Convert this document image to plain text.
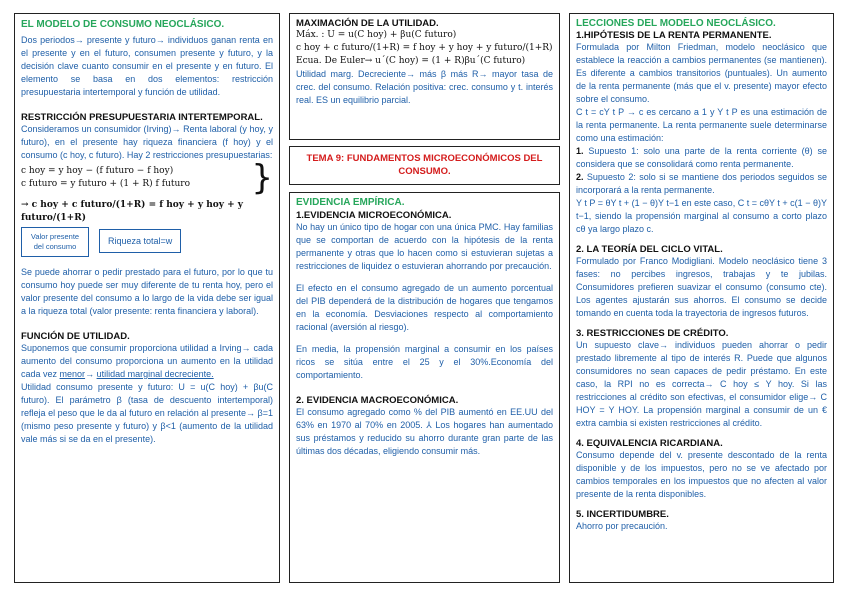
EL MODELO DE CONSUMO NEOCLÁSICO.

Dos periodos→ presente y futuro→ individuos ganan renta en el presente y en el futuro, consumen presente y futuro, y la decisión clave cuanto consumir en el presente y en futuro. El elemento se basa en dos elementos: restricción presupuestaria intertemporal y función de utilidad.

RESTRICCIÓN PRESUPUESTARIA INTERTEMPORAL.

Consideramos un consumidor (Irving)→ Renta laboral (y hoy, y futuro), en el presente hay riqueza financiera (f hoy) y el consumo (c hoy, c futuro). Hay 2 restricciones presupuestarias:

c hoy = y hoy − (f futuro − f hoy)
c futuro = y futuro + (1 + R) f futuro	}
→ c hoy + c futuro/(1+R) = f hoy + y hoy + y futuro/(1+R)
Valor presente del consumo
Riqueza total=w

Se puede ahorrar o pedir prestado para el futuro, por lo que tu consumo hoy puede ser muy diferente de tu renta hoy, pero el valor presente del consumo a lo largo de la vida debe ser igual a la riqueza total (valor presente: renta financiera y laboral).

FUNCIÓN DE UTILIDAD.

Suponemos que consumir proporciona utilidad a Irving→ cada aumento del consumo proporciona un aumento en la utilidad cada vez menor→ utilidad marginal decreciente.

Utilidad consumo presente y futuro: U = u(C hoy) + βu(C futuro). El parámetro β (tasa de descuento intertemporal) refleja el peso que le da al futuro en relación al presente→ β=1 (mismo peso presente y futuro) y β<1 (aumento de la utilidad vale más si se da en el presente).

MAXIMACIÓN DE LA UTILIDAD.
Máx. : U = u(C hoy) + βu(C futuro)
c hoy + c futuro/(1+R) = f hoy + y hoy + y futuro/(1+R)
Ecua. De Euler→ u´(C hoy) = (1 + R)βu´(C futuro)

Utilidad marg. Decreciente→ más β más R→ mayor tasa de crec. del consumo. Relación positiva: crec. consumo y t. interés real. ES un equilibrio parcial.

TEMA 9: FUNDAMENTOS MICROECONÓMICOS DEL CONSUMO.
EVIDENCIA EMPÍRICA.
1.EVIDENCIA MICROECONÓMICA.

No hay un único tipo de hogar con una única PMC. Hay familias que se comportan de acuerdo con la hipótesis de la renta permanente y otras que lo hacen como si estuvieran sujetas a restricciones de liquidez o estuvieran ahorrando por precaución.

El efecto en el consumo agregado de un aumento porcentual del PIB dependerá de la distribución de hogares que tengamos en la economía. Desviaciones respecto al comportamiento racional (aversión al riesgo).

En media, la propensión marginal a consumir en los países ricos se sitúa entre el 25 y el 30%.Economía del comportamiento.

2. EVIDENCIA MACROECONÓMICA.

El consumo agregado como % del PIB aumentó en EE.UU del 63% en 1970 al 70% en 2005. ⅄ Los hogares han aumentado sus préstamos y reducido su ahorro durante gran parte de las últimas dos décadas, eligiendo consumir más.

LECCIONES DEL MODELO NEOCLÁSICO.
1.HIPÓTESIS DE LA RENTA PERMANENTE.

Formulada por Milton Friedman, modelo neoclásico que establece la reacción a cambios permanentes (se mantienen). Es diferente a cambios transitorios (puntuales). Un aumento de la renta permanente (más que el v. presente) mayor efecto sobre el consumo.

C t = cY t P → c es cercano a 1 y Y t P es una estimación de la renta permanente. La renta permanente suele determinarse como una estimación:

1. Supuesto 1: solo una parte de la renta corriente (θ) se considera que se consolidará como renta permanente.

2. Supuesto 2: solo si se mantiene dos periodos seguidos se incorporará a la renta permanente.

Y t P = θY t + (1 − θ)Y t−1 en este caso, C t = cθY t + c(1 − θ)Y t−1, siendo la propensión marginal al consumo a corto plazo cθ ya largo plazo c.

2. LA TEORÍA DEL CICLO VITAL.

Formulado por Franco Modigliani. Modelo neoclásico tiene 3 fases: no percibes ingresos, trabajas y te jubilas. Consumidores prefieren suavizar el consumo (consumo cte). Los agentes ajustarán sus ahorros. El consumo se decide tomando en cuenta toda la trayectoria de ingresos futuros.

3. RESTRICCIONES DE CRÉDITO.

Un supuesto clave→ individuos pueden ahorrar o pedir prestado libremente al tipo de interés R. Puede que algunos consumidores no sean capaces de pedir préstamo. En este caso, la RPI no es correcta→ C hoy ≤ Y hoy. Si las restricciones al crédito son efectivas, el consumidor elige→ C HOY = Y HOY. La propensión marginal a consumir de un € extra cambia si existen restricciones al crédito.

4. EQUIVALENCIA RICARDIANA.

Consumo depende del v. presente descontado de la renta disponible y de los impuestos, pero no se ve afectado por cambios temporales en los impuestos que no afecten al valor presente de la renta disponibles.

5. INCERTIDUMBRE.

Ahorro por precaución.
